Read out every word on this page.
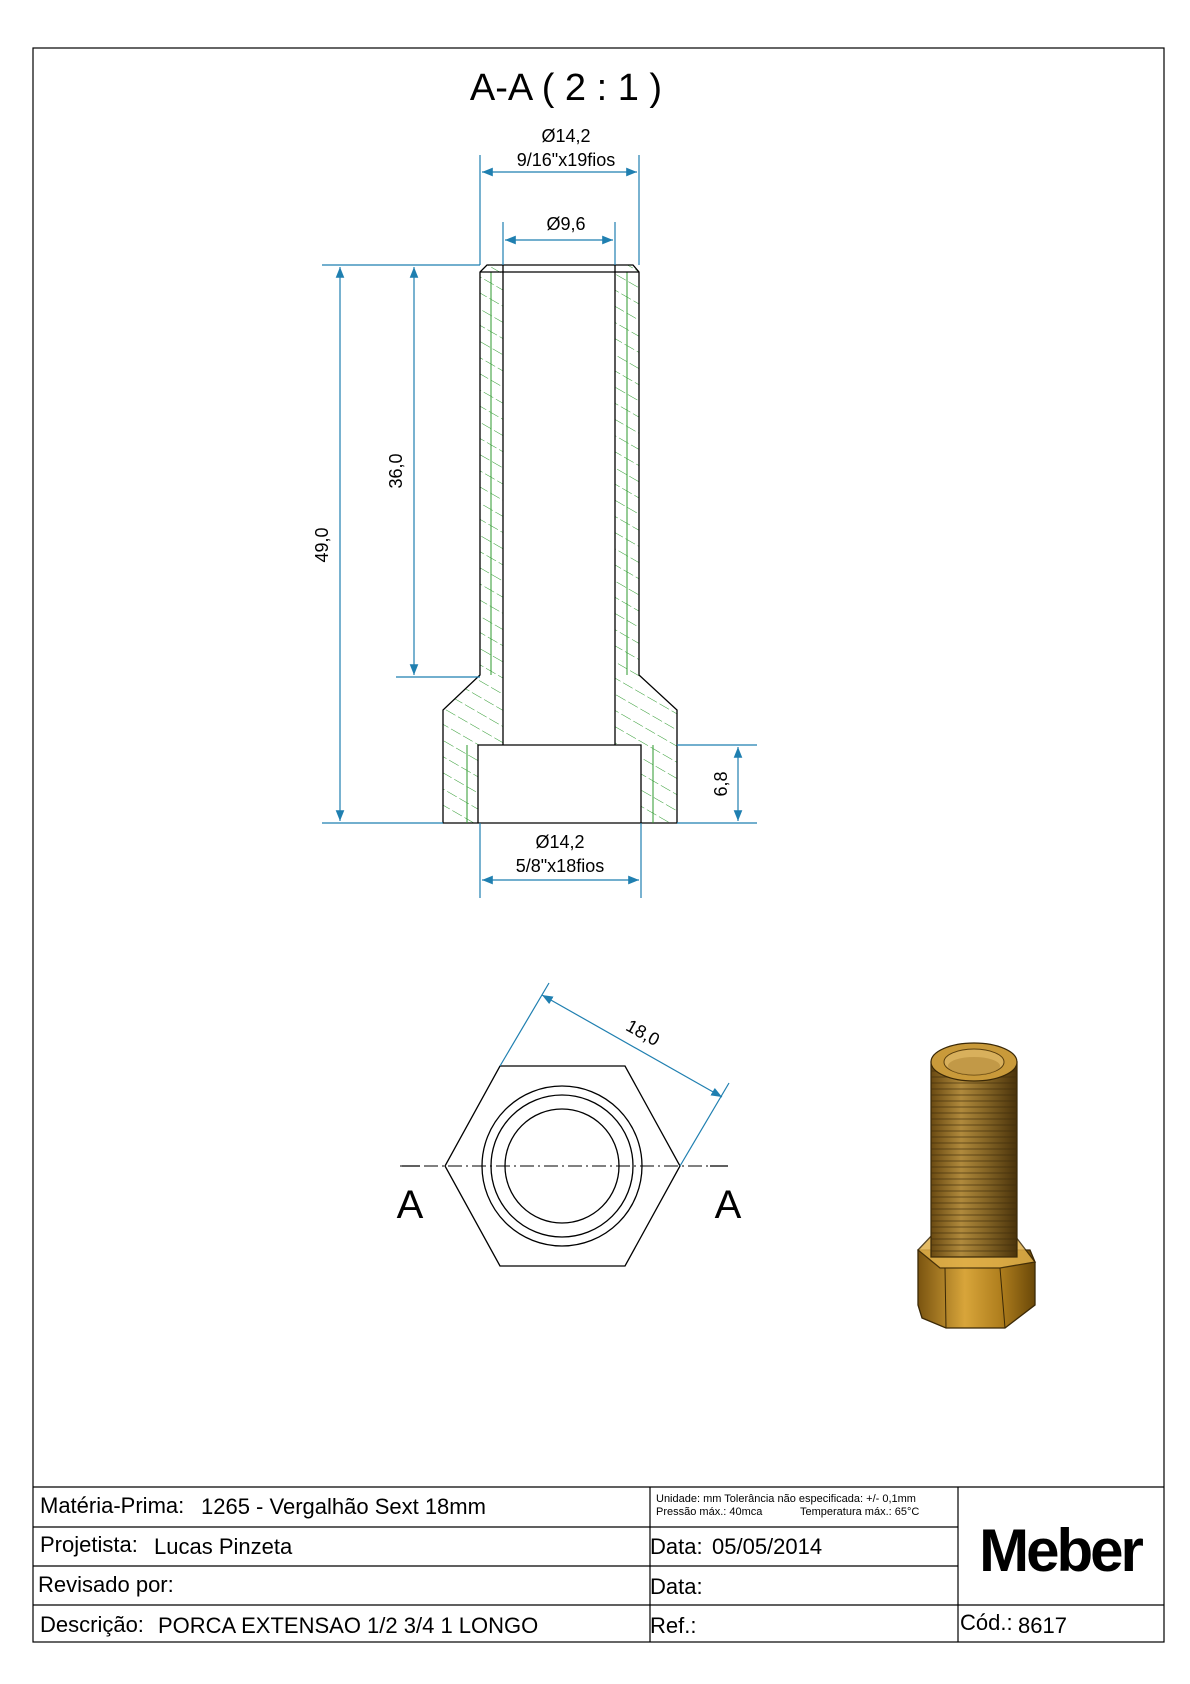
A-A ( 2 : 1 )
Ø14,2
9/16"x19fios
Ø9,6
49,0
36,0
6,8
Ø14,2
5/8"x18fios
A	A
18,0
Matéria-Prima: 1265 - Vergalhão Sext 18mm	Unidade: mm Tolerância não especificada: +/- 0,1mm
Pressão máx.: 40mca	Temperatura máx.: 65°C
Projetista: Lucas Pinzeta	Data: 05/05/2014
Revisado por:	Data:
Descrição: PORCA EXTENSAO 1/2 3/4 1 LONGO	Ref.:	Cód.: 8617
Meber
